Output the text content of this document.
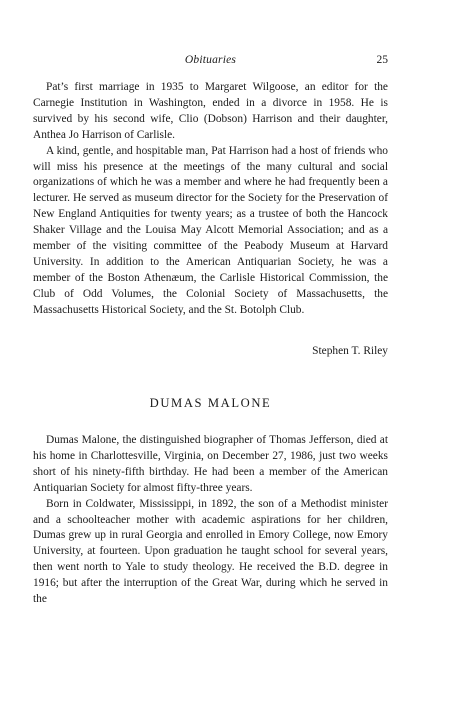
Obituaries	25

Pat’s first marriage in 1935 to Margaret Wilgoose, an editor for the Carnegie Institution in Washington, ended in a divorce in 1958. He is survived by his second wife, Clio (Dobson) Harrison and their daughter, Anthea Jo Harrison of Carlisle.

A kind, gentle, and hospitable man, Pat Harrison had a host of friends who will miss his presence at the meetings of the many cultural and social organizations of which he was a member and where he had frequently been a lecturer. He served as museum director for the Society for the Preservation of New England Antiquities for twenty years; as a trustee of both the Hancock Shaker Village and the Louisa May Alcott Memorial Association; and as a member of the visiting committee of the Peabody Museum at Harvard University. In addition to the American Antiquarian Society, he was a member of the Boston Athenæum, the Carlisle Historical Commission, the Club of Odd Volumes, the Colonial Society of Massachusetts, the Massachusetts Historical Society, and the St. Botolph Club.

Stephen T. Riley
DUMAS MALONE

Dumas Malone, the distinguished biographer of Thomas Jefferson, died at his home in Charlottesville, Virginia, on December 27, 1986, just two weeks short of his ninety-fifth birthday. He had been a member of the American Antiquarian Society for almost fifty-three years.

Born in Coldwater, Mississippi, in 1892, the son of a Methodist minister and a schoolteacher mother with academic aspirations for her children, Dumas grew up in rural Georgia and enrolled in Emory College, now Emory University, at fourteen. Upon graduation he taught school for several years, then went north to Yale to study theology. He received the B.D. degree in 1916; but after the interruption of the Great War, during which he served in the
